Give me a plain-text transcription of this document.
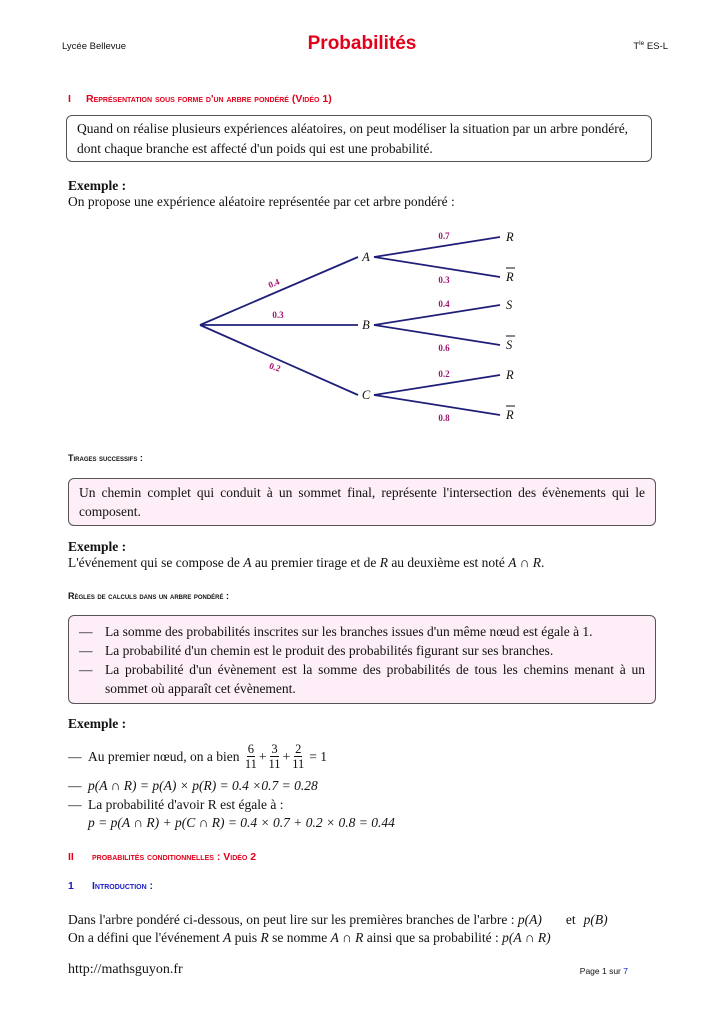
Lycée Bellevue	Probabilités	$T^{le}$ ES-L
I Représentation sous forme d'un arbre pondéré (Vidéo 1)
Quand on réalise plusieurs expériences aléatoires, on peut modéliser la situation par un arbre pondéré, dont chaque branche est affecté d'un poids qui est une probabilité.
Exemple :
On propose une expérience aléatoire représentée par cet arbre pondéré :
0.4
A
0.7	R
0.3	R
0.3
B
0.4	S
0.6	S
0.2
C
0.2	R
0.8	R
Tirages successifs :
Un chemin complet qui conduit à un sommet final, représente l'intersection des évènements qui le composent.
Exemple :
L'événement qui se compose de A au premier tirage et de R au deuxième est noté A ∩ R.
Règles de calculs dans un arbre pondéré :
— La somme des probabilités inscrites sur les branches issues d'un même nœud est égale à 1.
— La probabilité d'un chemin est le produit des probabilités figurant sur ses branches.
— La probabilité d'un évènement est la somme des probabilités de tous les chemins menant à un sommet où apparaît cet évènement.
Exemple :
— Au premier nœud, on a bien $\frac{6}{11} + \frac{3}{11} + \frac{2}{11} = 1$
— p(A ∩ R) = p(A) × p(R) = 0.4 ×0.7 = 0.28
— La probabilité d'avoir R est égale à :
p = p(A ∩ R) + p(C ∩ R) = 0.4 × 0.7 + 0.2 × 0.8 = 0.44
II probabilités conditionnelles : Vidéo 2
1 Introduction :
Dans l'arbre pondéré ci-dessous, on peut lire sur les premières branches de l'arbre : p(A) et p(B)
On a défini que l'événement A puis R se nomme A ∩ R ainsi que sa probabilité : p(A ∩ R)
http://mathsguyon.fr	Page 1 sur 7
